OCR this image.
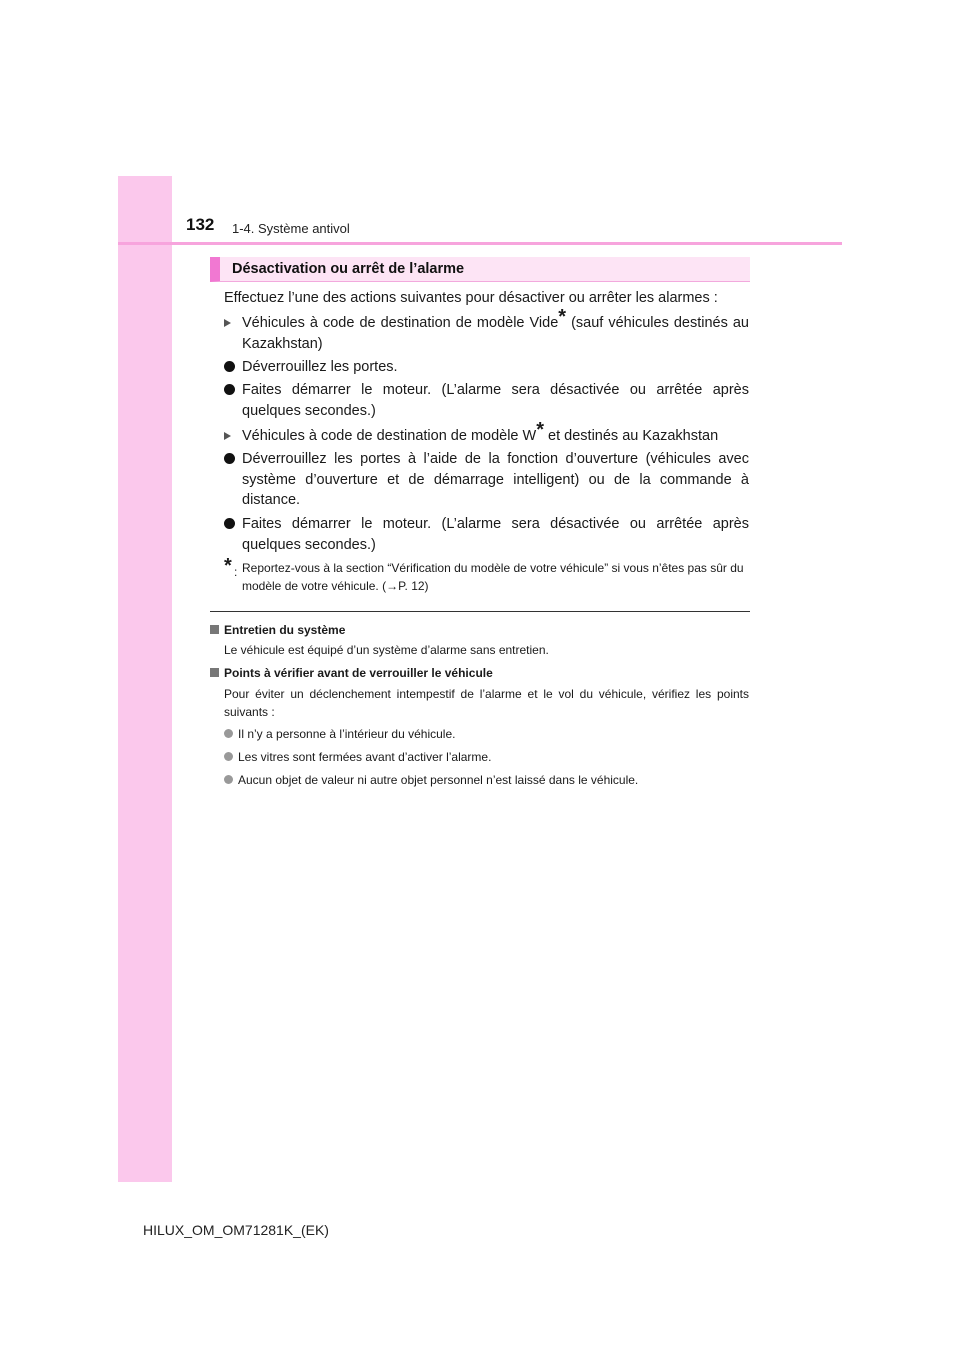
132 1-4. Système antivol
Désactivation ou arrêt de l’alarme
Effectuez l’une des actions suivantes pour désactiver ou arrêter les alarmes :
Véhicules à code de destination de modèle Vide* (sauf véhicules destinés au Kazakhstan)
Déverrouillez les portes.
Faites démarrer le moteur. (L’alarme sera désactivée ou arrêtée après quelques secondes.)
Véhicules à code de destination de modèle W* et destinés au Kazakhstan
Déverrouillez les portes à l’aide de la fonction d’ouverture (véhicules avec système d’ouverture et de démarrage intelligent) ou de la commande à distance.
Faites démarrer le moteur. (L’alarme sera désactivée ou arrêtée après quelques secondes.)
* : Reportez-vous à la section “Vérification du modèle de votre véhicule” si vous n’êtes pas sûr du modèle de votre véhicule. (→P. 12)
Entretien du système
Le véhicule est équipé d’un système d’alarme sans entretien.
Points à vérifier avant de verrouiller le véhicule
Pour éviter un déclenchement intempestif de l’alarme et le vol du véhicule, vérifiez les points suivants :
Il n’y a personne à l’intérieur du véhicule.
Les vitres sont fermées avant d’activer l’alarme.
Aucun objet de valeur ni autre objet personnel n’est laissé dans le véhicule.
HILUX_OM_OM71281K_(EK)
